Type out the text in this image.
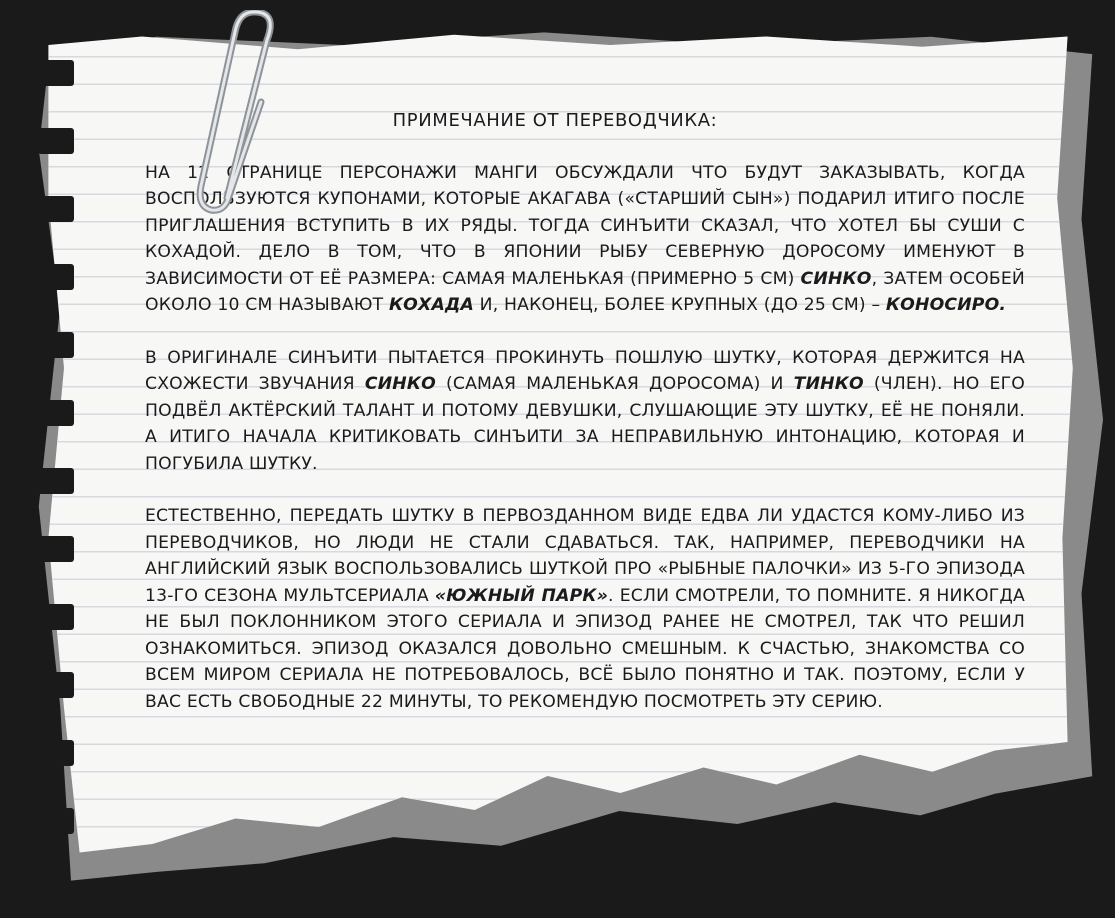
ПРИМЕЧАНИЕ ОТ ПЕРЕВОДЧИКА:
НА 12 СТРАНИЦЕ ПЕРСОНАЖИ МАНГИ ОБСУЖДАЛИ ЧТО БУДУТ ЗАКАЗЫВАТЬ, КОГДА ВОСПОЛЬЗУЮТСЯ КУПОНАМИ, КОТОРЫЕ АКАГАВА («СТАРШИЙ СЫН») ПОДАРИЛ ИТИГО ПОСЛЕ ПРИГЛАШЕНИЯ ВСТУПИТЬ В ИХ РЯДЫ. ТОГДА СИНЪИТИ СКАЗАЛ, ЧТО ХОТЕЛ БЫ СУШИ С КОХАДОЙ. ДЕЛО В ТОМ, ЧТО В ЯПОНИИ РЫБУ СЕВЕРНУЮ ДОРОСОМУ ИМЕНУЮТ В ЗАВИСИМОСТИ ОТ ЕЁ РАЗМЕРА: САМАЯ МАЛЕНЬКАЯ (ПРИМЕРНО 5 СМ) СИНКО, ЗАТЕМ ОСОБЕЙ ОКОЛО 10 СМ НАЗЫВАЮТ КОХАДА И, НАКОНЕЦ, БОЛЕЕ КРУПНЫХ (ДО 25 СМ) – КОНОСИРО.
В ОРИГИНАЛЕ СИНЪИТИ ПЫТАЕТСЯ ПРОКИНУТЬ ПОШЛУЮ ШУТКУ, КОТОРАЯ ДЕРЖИТСЯ НА СХОЖЕСТИ ЗВУЧАНИЯ СИНКО (САМАЯ МАЛЕНЬКАЯ ДОРОСОМА) И ТИНКО (ЧЛЕН). НО ЕГО ПОДВЁЛ АКТЁРСКИЙ ТАЛАНТ И ПОТОМУ ДЕВУШКИ, СЛУШАЮЩИЕ ЭТУ ШУТКУ, ЕЁ НЕ ПОНЯЛИ. А ИТИГО НАЧАЛА КРИТИКОВАТЬ СИНЪИТИ ЗА НЕПРАВИЛЬНУЮ ИНТОНАЦИЮ, КОТОРАЯ И ПОГУБИЛА ШУТКУ.
ЕСТЕСТВЕННО, ПЕРЕДАТЬ ШУТКУ В ПЕРВОЗДАННОМ ВИДЕ ЕДВА ЛИ УДАСТСЯ КОМУ-ЛИБО ИЗ ПЕРЕВОДЧИКОВ, НО ЛЮДИ НЕ СТАЛИ СДАВАТЬСЯ. ТАК, НАПРИМЕР, ПЕРЕВОДЧИКИ НА АНГЛИЙСКИЙ ЯЗЫК ВОСПОЛЬЗОВАЛИСЬ ШУТКОЙ ПРО «РЫБНЫЕ ПАЛОЧКИ» ИЗ 5-ГО ЭПИЗОДА 13-ГО СЕЗОНА МУЛЬТСЕРИАЛА «ЮЖНЫЙ ПАРК». ЕСЛИ СМОТРЕЛИ, ТО ПОМНИТЕ. Я НИКОГДА НЕ БЫЛ ПОКЛОННИКОМ ЭТОГО СЕРИАЛА И ЭПИЗОД РАНЕЕ НЕ СМОТРЕЛ, ТАК ЧТО РЕШИЛ ОЗНАКОМИТЬСЯ. ЭПИЗОД ОКАЗАЛСЯ ДОВОЛЬНО СМЕШНЫМ. К СЧАСТЬЮ, ЗНАКОМСТВА СО ВСЕМ МИРОМ СЕРИАЛА НЕ ПОТРЕБОВАЛОСЬ, ВСЁ БЫЛО ПОНЯТНО И ТАК. ПОЭТОМУ, ЕСЛИ У ВАС ЕСТЬ СВОБОДНЫЕ 22 МИНУТЫ, ТО РЕКОМЕНДУЮ ПОСМОТРЕТЬ ЭТУ СЕРИЮ.
